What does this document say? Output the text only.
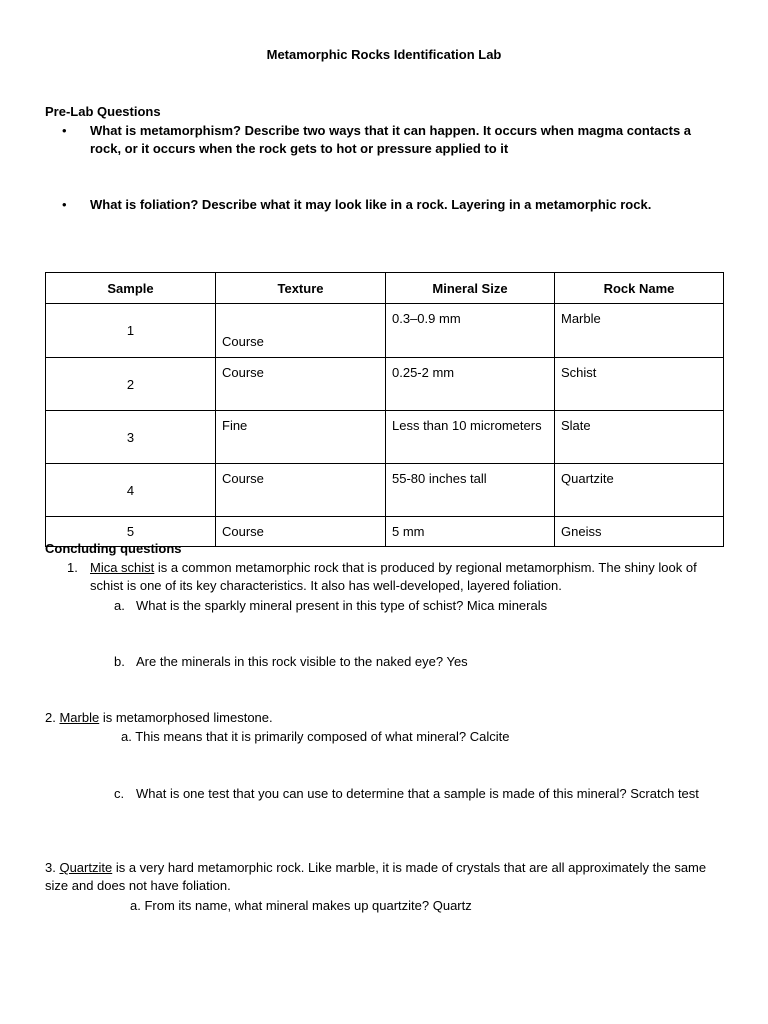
Metamorphic Rocks Identification Lab
Pre-Lab Questions
•	What is metamorphism? Describe two ways that it can happen. It occurs when magma contacts a rock, or it occurs when the rock gets to hot or pressure applied to it
•	What is foliation? Describe what it may look like in a rock. Layering in a metamorphic rock.
Sample	Texture	Mineral Size	Rock Name
1	Course	0.3–0.9 mm	Marble
2	Course	0.25-2 mm	Schist
3	Fine	Less than 10 micrometers	Slate
4	Course	55-80 inches tall	Quartzite
5	Course	5 mm	Gneiss
Concluding questions
1. Mica schist is a common metamorphic rock that is produced by regional metamorphism. The shiny look of schist is one of its key characteristics. It also has well-developed, layered foliation.
a. What is the sparkly mineral present in this type of schist? Mica minerals
b. Are the minerals in this rock visible to the naked eye? Yes
2. Marble is metamorphosed limestone.
a. This means that it is primarily composed of what mineral? Calcite
c. What is one test that you can use to determine that a sample is made of this mineral? Scratch test
3. Quartzite is a very hard metamorphic rock. Like marble, it is made of crystals that are all approximately the same size and does not have foliation.
a. From its name, what mineral makes up quartzite? Quartz
